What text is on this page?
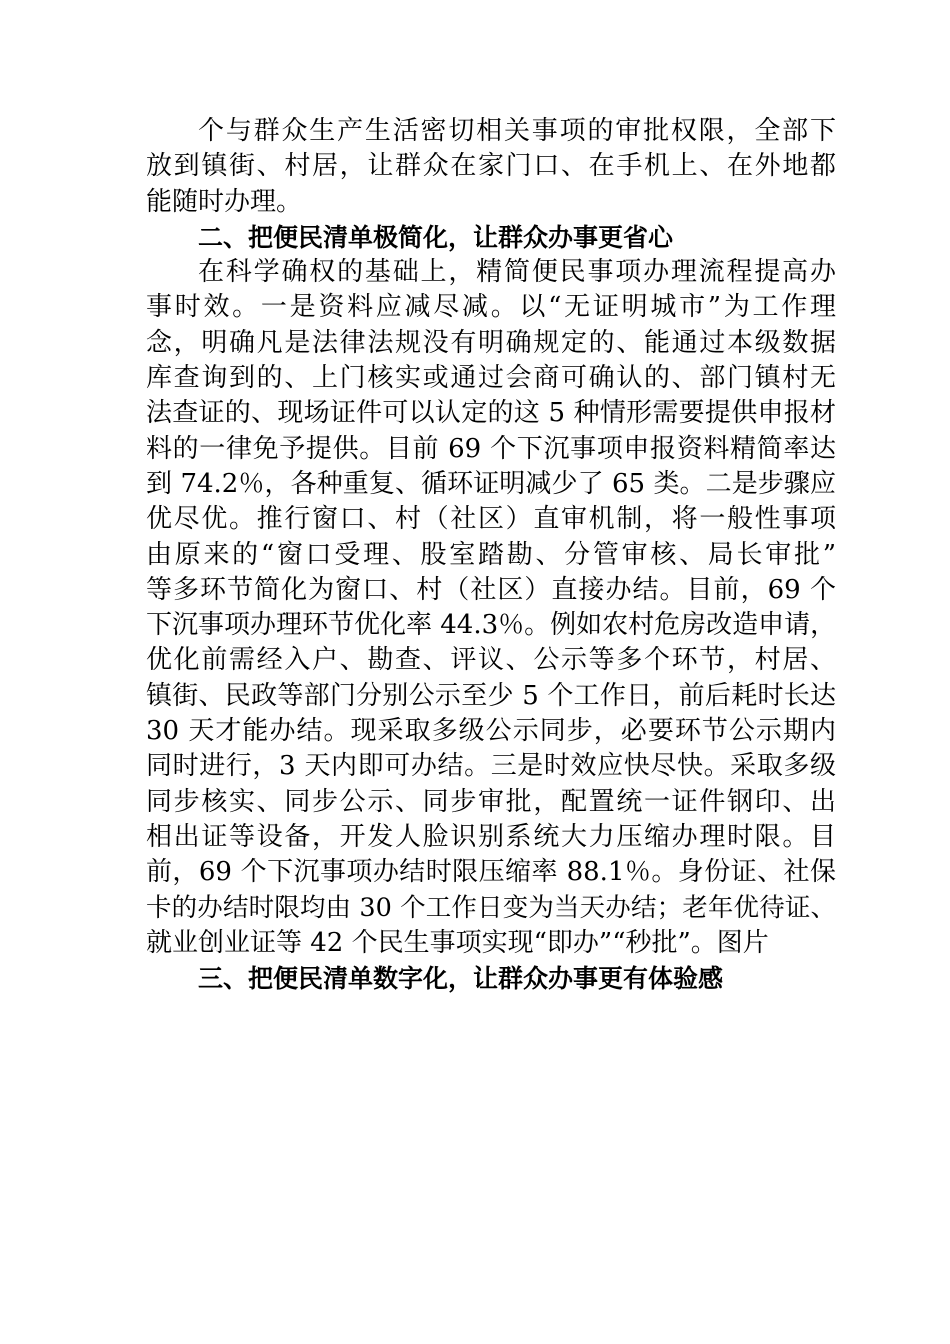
个与群众生产生活密切相关事项的审批权限，全部下
放到镇街、村居，让群众在家门口、在手机上、在外地都
能随时办理。
二、把便民清单极简化，让群众办事更省心
在科学确权的基础上，精简便民事项办理流程提高办
事时效。一是资料应减尽减。以“无证明城市”为工作理
念，明确凡是法律法规没有明确规定的、能通过本级数据
库查询到的、上门核实或通过会商可确认的、部门镇村无
法查证的、现场证件可以认定的这 5 种情形需要提供申报材
料的一律免予提供。目前 69 个下沉事项申报资料精简率达
到 74.2％，各种重复、循环证明减少了 65 类。二是步骤应
优尽优。推行窗口、村（社区）直审机制，将一般性事项
由原来的“窗口受理、股室踏勘、分管审核、局长审批”
等多环节简化为窗口、村（社区）直接办结。目前，69 个
下沉事项办理环节优化率 44.3％。例如农村危房改造申请，
优化前需经入户、勘查、评议、公示等多个环节，村居、
镇街、民政等部门分别公示至少 5 个工作日，前后耗时长达
30 天才能办结。现采取多级公示同步，必要环节公示期内
同时进行，3 天内即可办结。三是时效应快尽快。采取多级
同步核实、同步公示、同步审批，配置统一证件钢印、出
相出证等设备，开发人脸识别系统大力压缩办理时限。目
前，69 个下沉事项办结时限压缩率 88.1％。身份证、社保
卡的办结时限均由 30 个工作日变为当天办结；老年优待证、
就业创业证等 42 个民生事项实现“即办”“秒批”。图片
三、把便民清单数字化，让群众办事更有体验感
